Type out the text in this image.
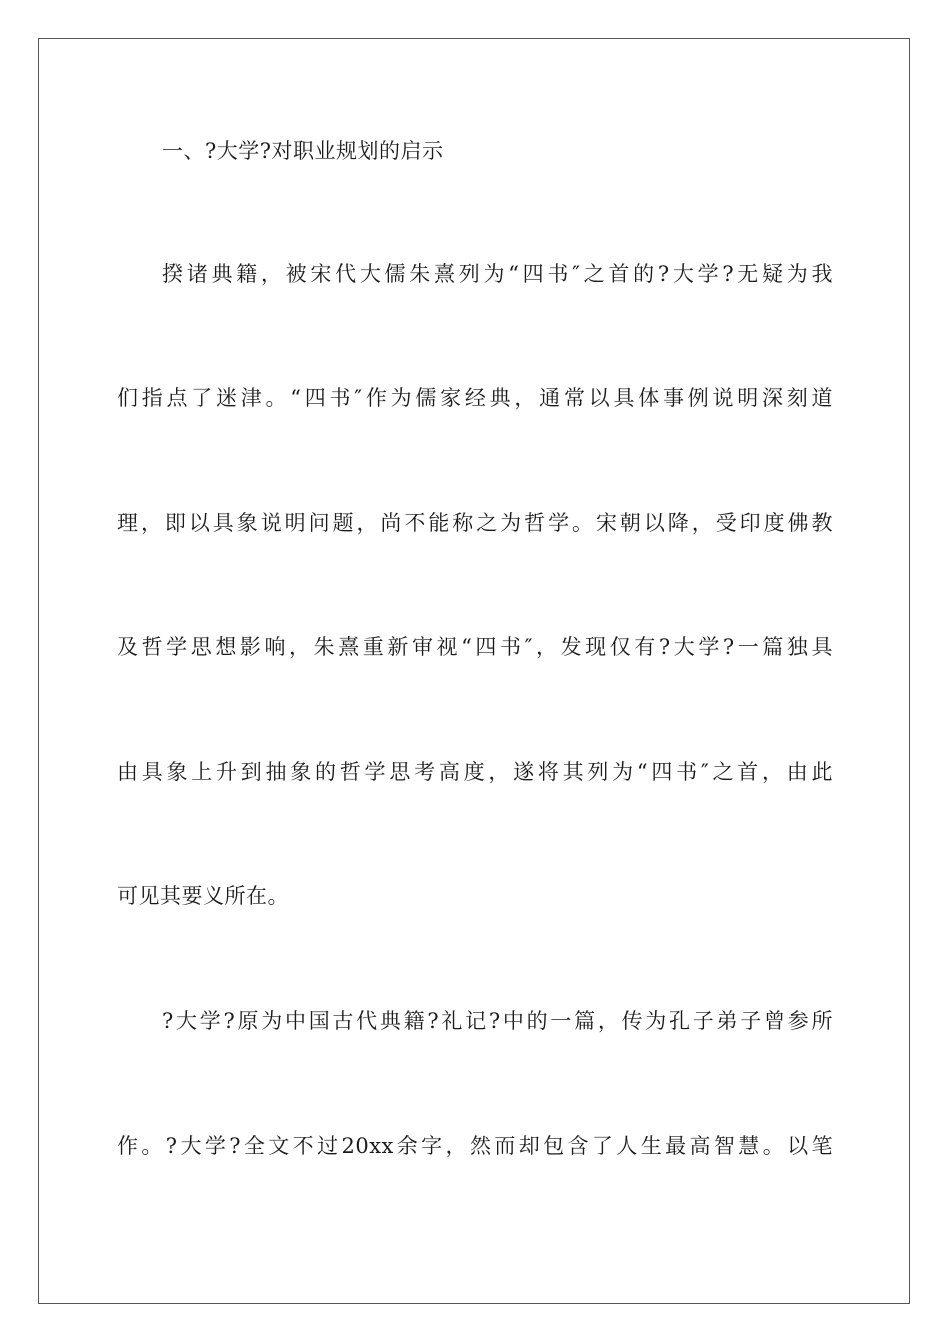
一、?大学?对职业规划的启示
揆诸典籍，被宋代大儒朱熹列为“四书″之首的?大学?无疑为我
们指点了迷津。“四书″作为儒家经典，通常以具体事例说明深刻道
理，即以具象说明问题，尚不能称之为哲学。宋朝以降，受印度佛教
及哲学思想影响，朱熹重新审视“四书″，发现仅有?大学?一篇独具
由具象上升到抽象的哲学思考高度，遂将其列为“四书″之首，由此
可见其要义所在。
?大学?原为中国古代典籍?礼记?中的一篇，传为孔子弟子曾参所
作。?大学?全文不过20xx余字，然而却包含了人生最高智慧。以笔
